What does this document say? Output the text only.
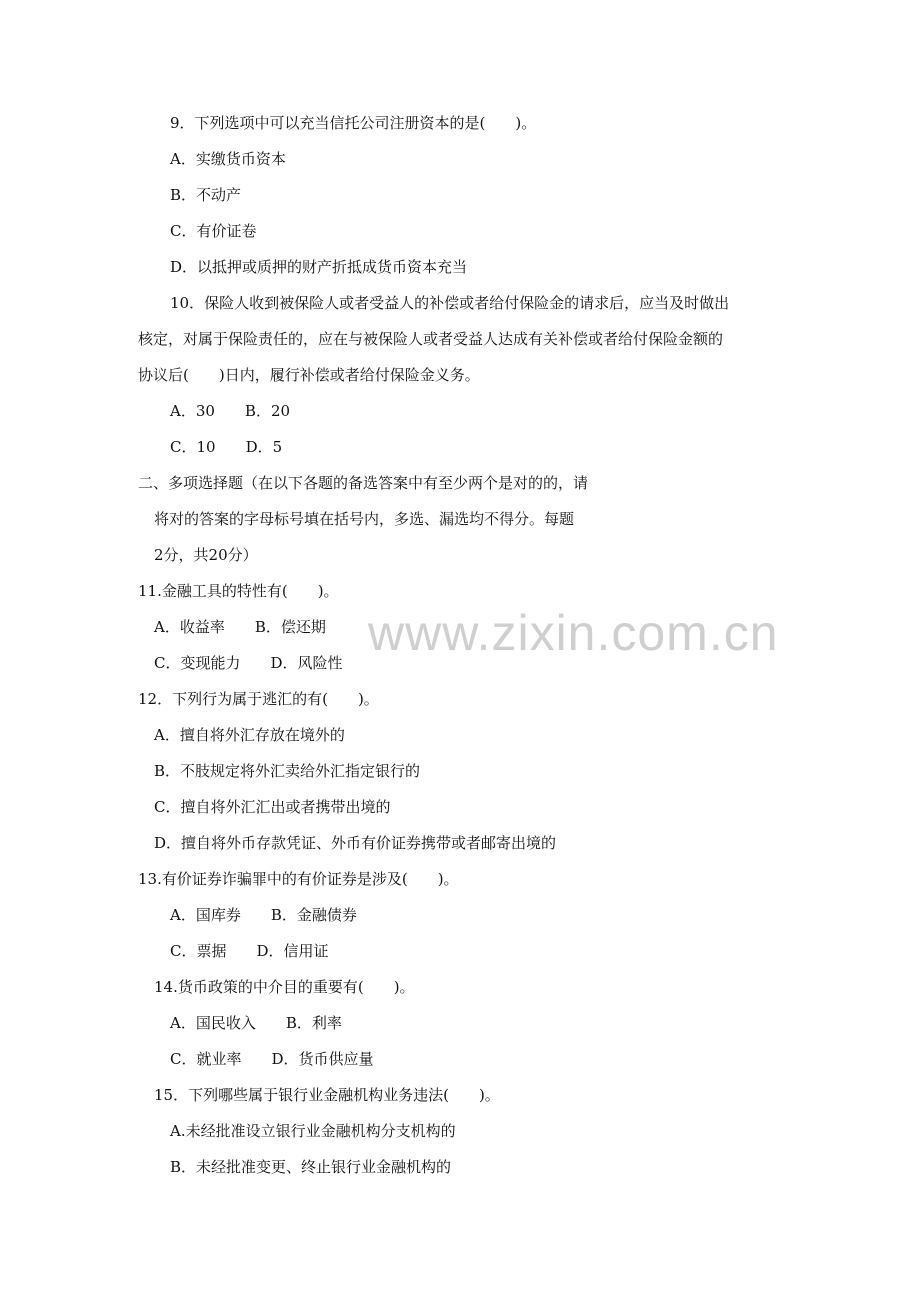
9．下列选项中可以充当信托公司注册资本的是(　　)。
A．实缴货币资本
B．不动产
C．有价证卷
D．以抵押或质押的财产折抵成货币资本充当
10．保险人收到被保险人或者受益人的补偿或者给付保险金的请求后，应当及时做出
核定，对属于保险责任的，应在与被保险人或者受益人达成有关补偿或者给付保险金额的
协议后(　　)日内，履行补偿或者给付保险金义务。
A．30　　B．20
C．10　　D．5
二、多项选择题（在以下各题的备选答案中有至少两个是对的的，请
将对的答案的字母标号填在括号内，多选、漏选均不得分。每题
2分，共20分）
11.金融工具的特性有(　　)。
A．收益率　　B．偿还期
C．变现能力　　D．风险性
12．下列行为属于逃汇的有(　　)。
A．擅自将外汇存放在境外的
B．不肢规定将外汇卖给外汇指定银行的
C．擅自将外汇汇出或者携带出境的
D．擅自将外币存款凭证、外币有价证券携带或者邮寄出境的
13.有价证券诈骗罪中的有价证券是涉及(　　)。
A．国库券　　B．金融债券
C．票据　　D．信用证
14.货币政策的中介目的重要有(　　)。
A．国民收入　　B．利率
C．就业率　　D．货币供应量
15．下列哪些属于银行业金融机构业务违法(　　)。
A.未经批准设立银行业金融机构分支机构的
B．未经批准变更、终止银行业金融机构的
www.zixin.com.cn
